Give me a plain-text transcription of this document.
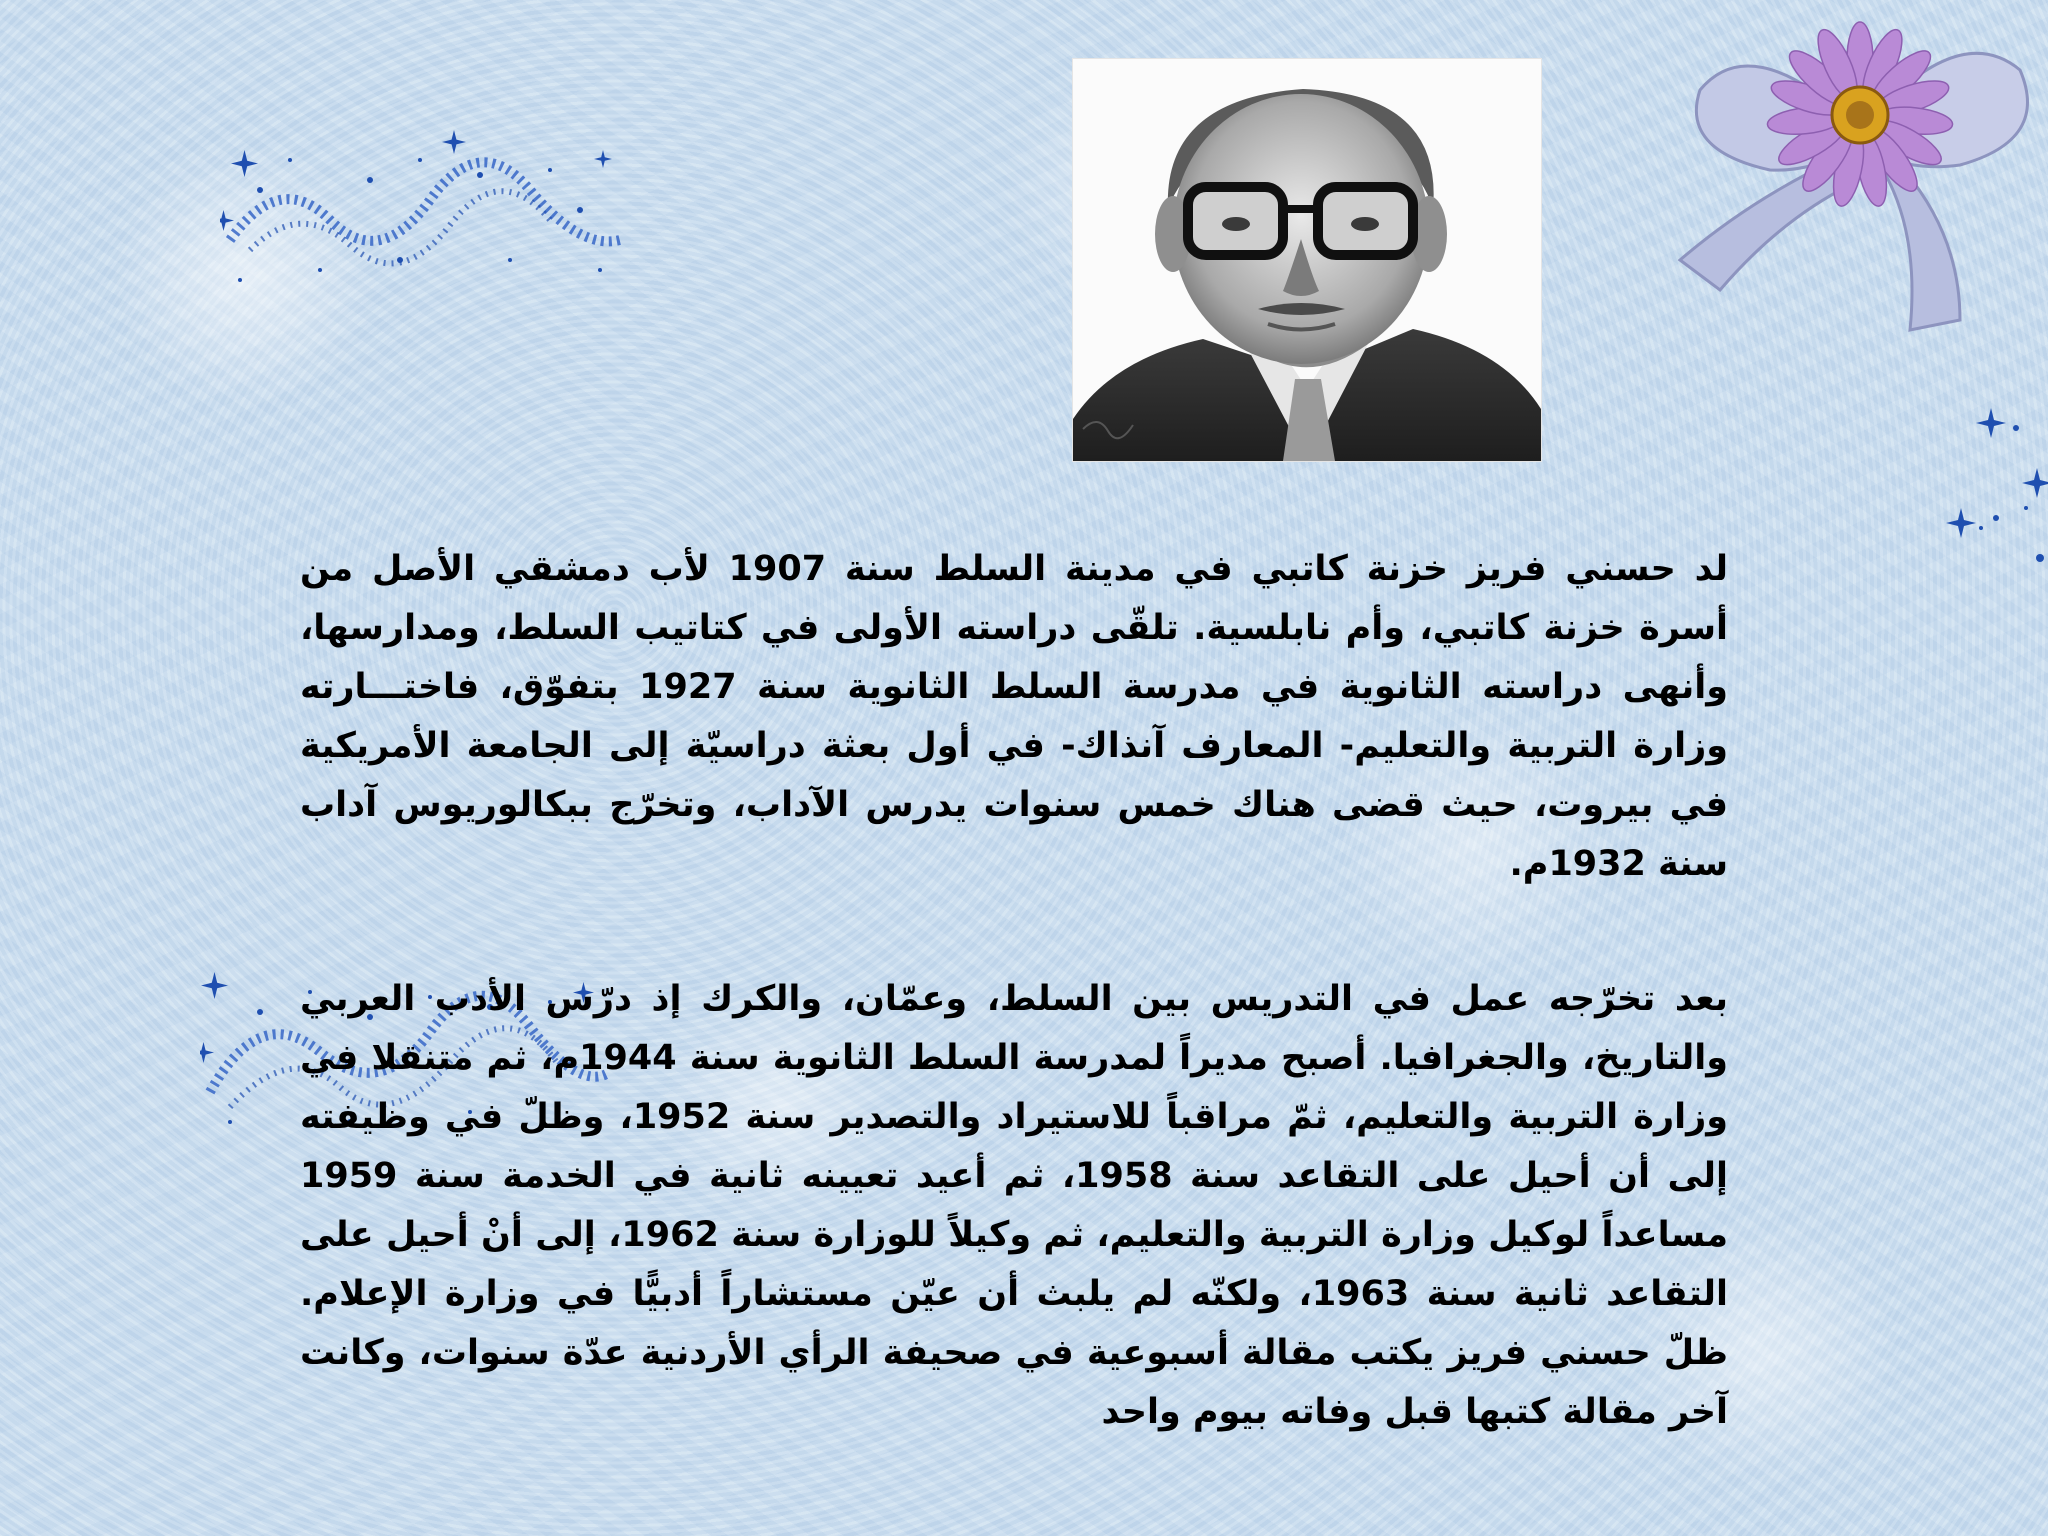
لد حسني فريز خزنة كاتبي في مدينة السلط سنة 1907 لأب دمشقي الأصل من أسرة خزنة كاتبي، وأم نابلسية. تلقّى دراسته الأولى في كتاتيب السلط، ومدارسها، وأنهى دراسته الثانوية في مدرسة السلط الثانوية سنة 1927 بتفوّق، فاختـــارته وزارة التربية والتعليم- المعارف آنذاك- في أول بعثة دراسيّة إلى الجامعة الأمريكية في بيروت، حيث قضى هناك خمس سنوات يدرس الآداب، وتخرّج ببكالوريوس آداب سنة 1932م.

بعد تخرّجه عمل في التدريس بين السلط، وعمّان، والكرك إذ درّس الأدب العربي والتاريخ، والجغرافيا. أصبح مديراً لمدرسة السلط الثانوية سنة 1944م، ثم متنقلا في وزارة التربية والتعليم، ثمّ مراقباً للاستيراد والتصدير سنة 1952، وظلّ في وظيفته إلى أن أحيل على التقاعد سنة 1958، ثم أعيد تعيينه ثانية في الخدمة سنة 1959 مساعداً لوكيل وزارة التربية والتعليم، ثم وكيلاً للوزارة سنة 1962، إلى أنْ أحيل على التقاعد ثانية سنة 1963، ولكنّه لم يلبث أن عيّن مستشاراً أدبيًّا في وزارة الإعلام. ظلّ حسني فريز يكتب مقالة أسبوعية في صحيفة الرأي الأردنية عدّة سنوات، وكانت آخر مقالة كتبها قبل وفاته بيوم واحد
